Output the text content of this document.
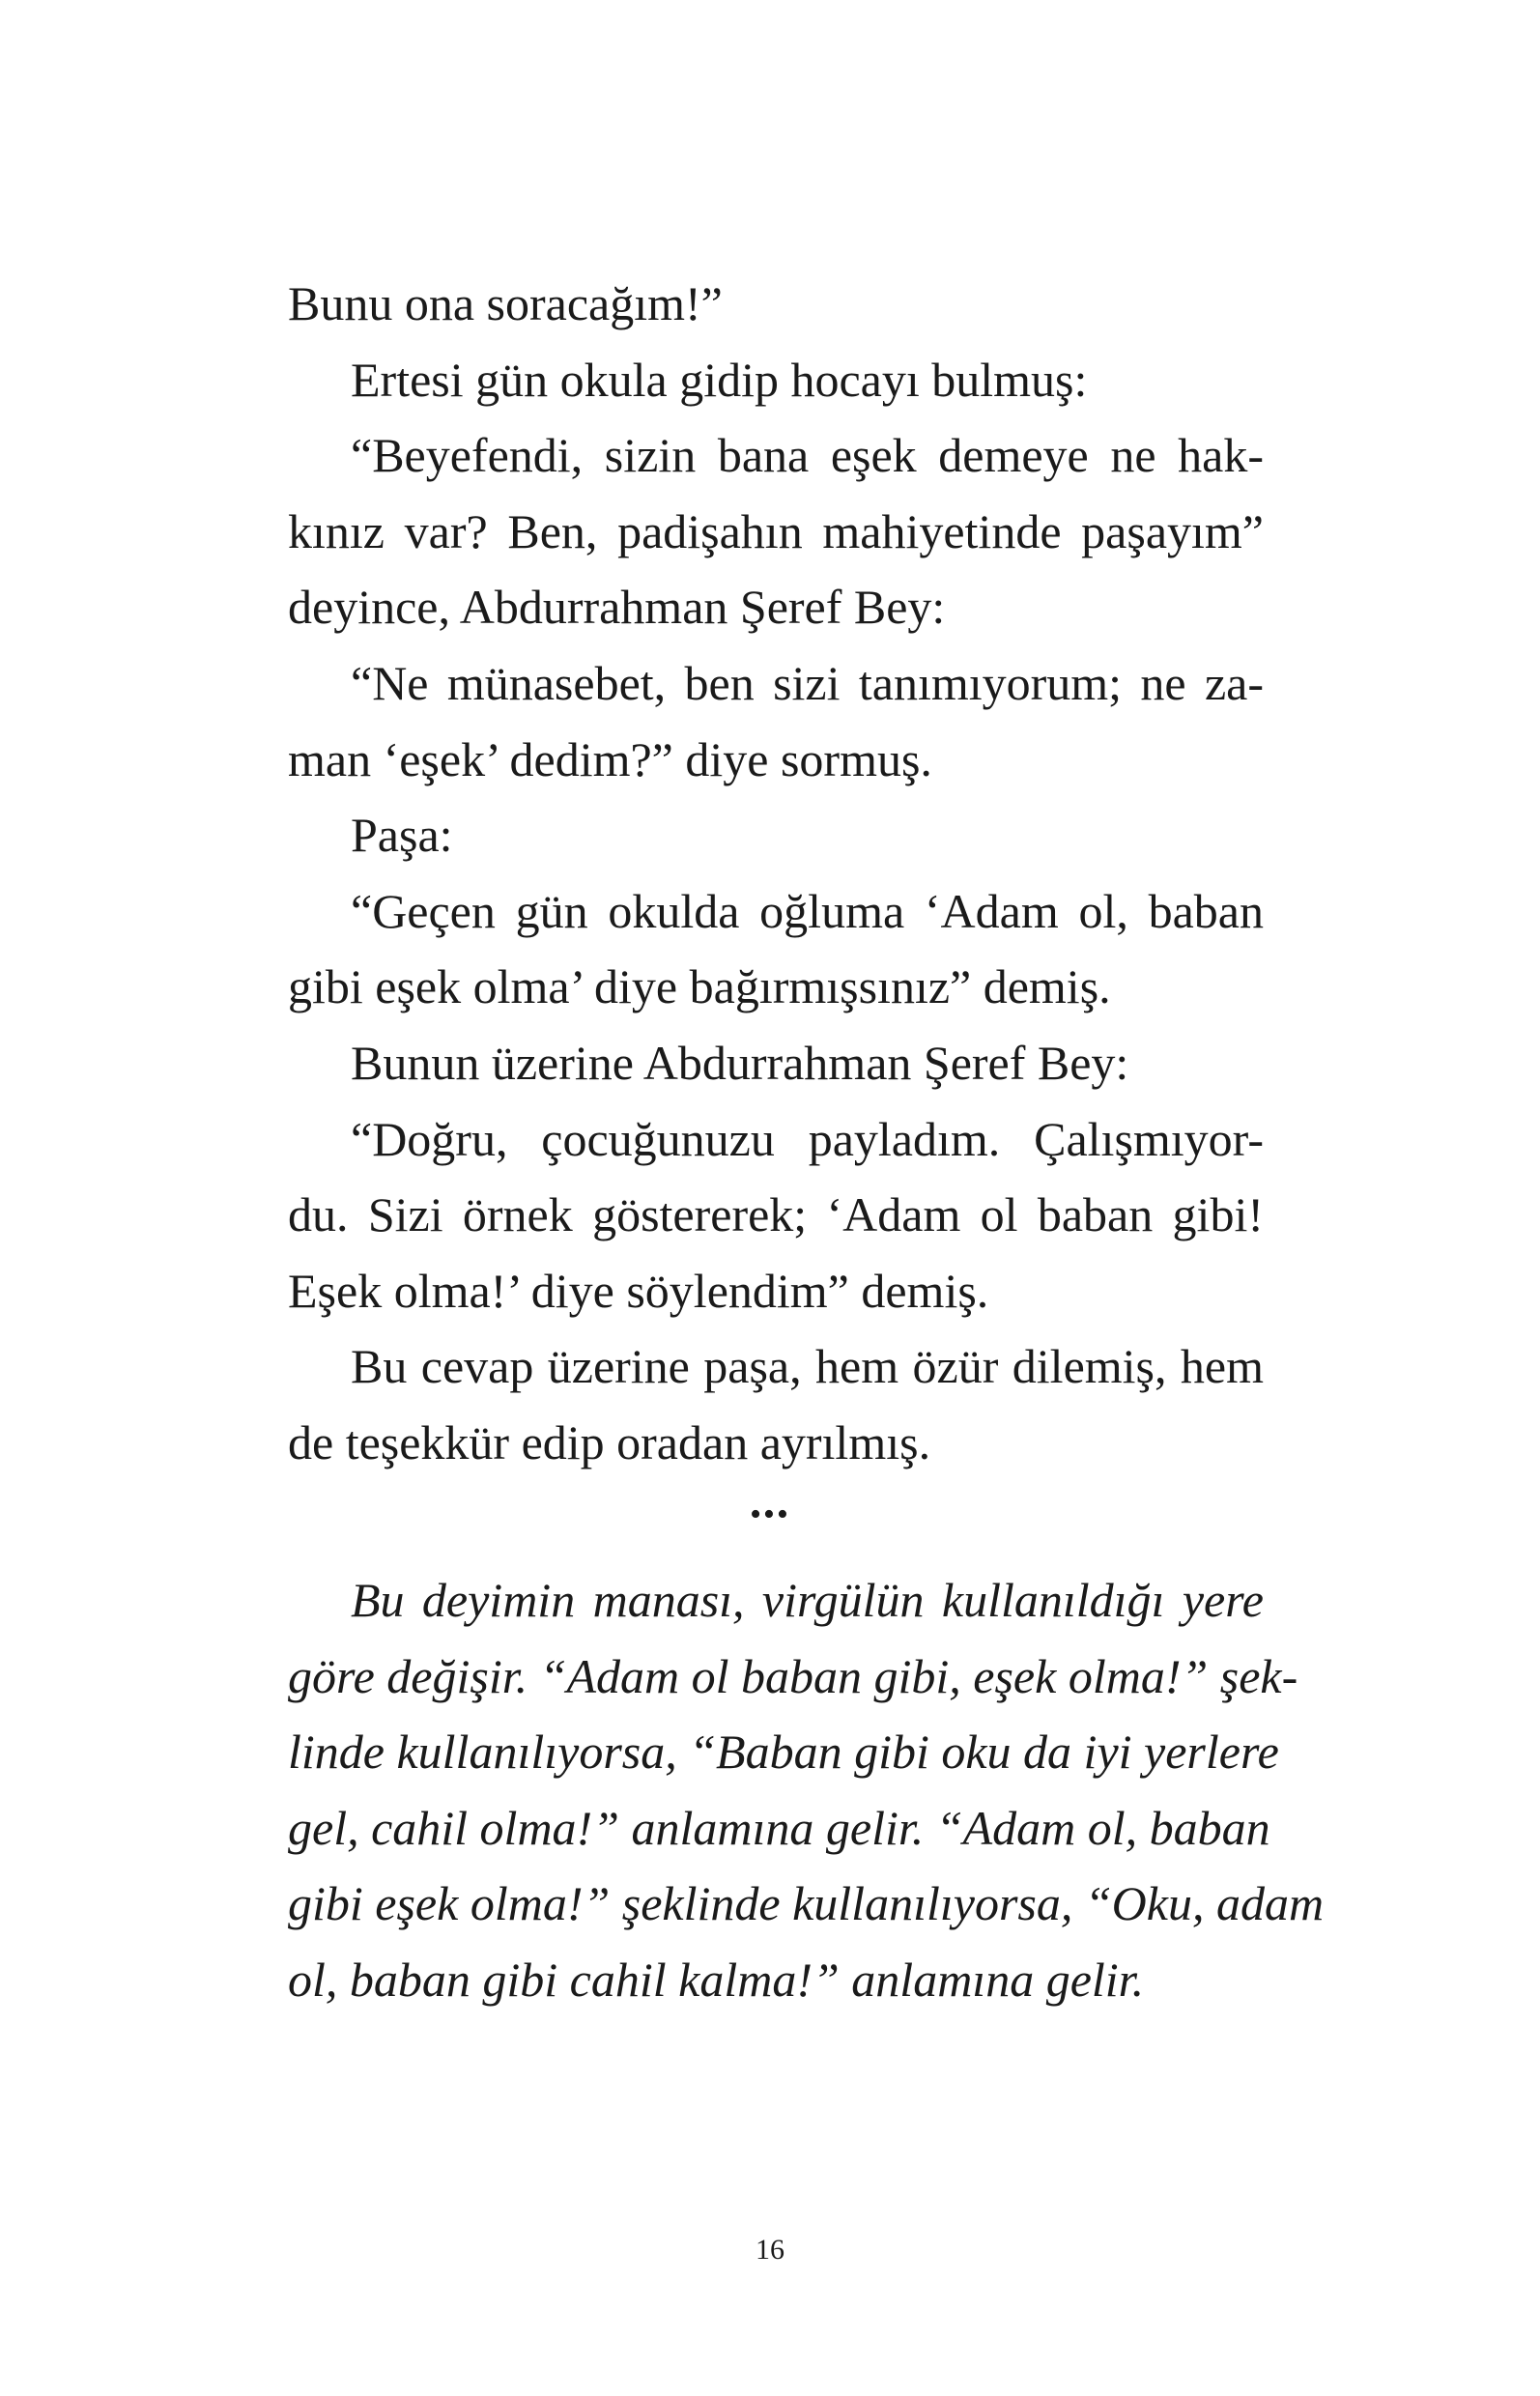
Bunu ona soracağım!”
Ertesi gün okula gidip hocayı bulmuş:
“Beyefendi, sizin bana eşek demeye ne hak-
kınız var? Ben, padişahın mahiyetinde paşayım”
deyince, Abdurrahman Şeref Bey:
“Ne münasebet, ben sizi tanımıyorum; ne za-
man ‘eşek’ dedim?” diye sormuş.
Paşa:
“Geçen gün okulda oğluma ‘Adam ol, baban
gibi eşek olma’ diye bağırmışsınız” demiş.
Bunun üzerine Abdurrahman Şeref Bey:
“Doğru, çocuğunuzu payladım. Çalışmıyor-
du. Sizi örnek göstererek; ‘Adam ol baban gibi!
Eşek olma!’ diye söylendim” demiş.
Bu cevap üzerine paşa, hem özür dilemiş, hem
de teşekkür edip oradan ayrılmış.
•••
Bu deyimin manası, virgülün kullanıldığı yere
göre değişir. “Adam ol baban gibi, eşek olma!” şek-
linde kullanılıyorsa, “Baban gibi oku da iyi yerlere
gel, cahil olma!” anlamına gelir. “Adam ol, baban
gibi eşek olma!” şeklinde kullanılıyorsa, “Oku, adam
ol, baban gibi cahil kalma!” anlamına gelir.
16
